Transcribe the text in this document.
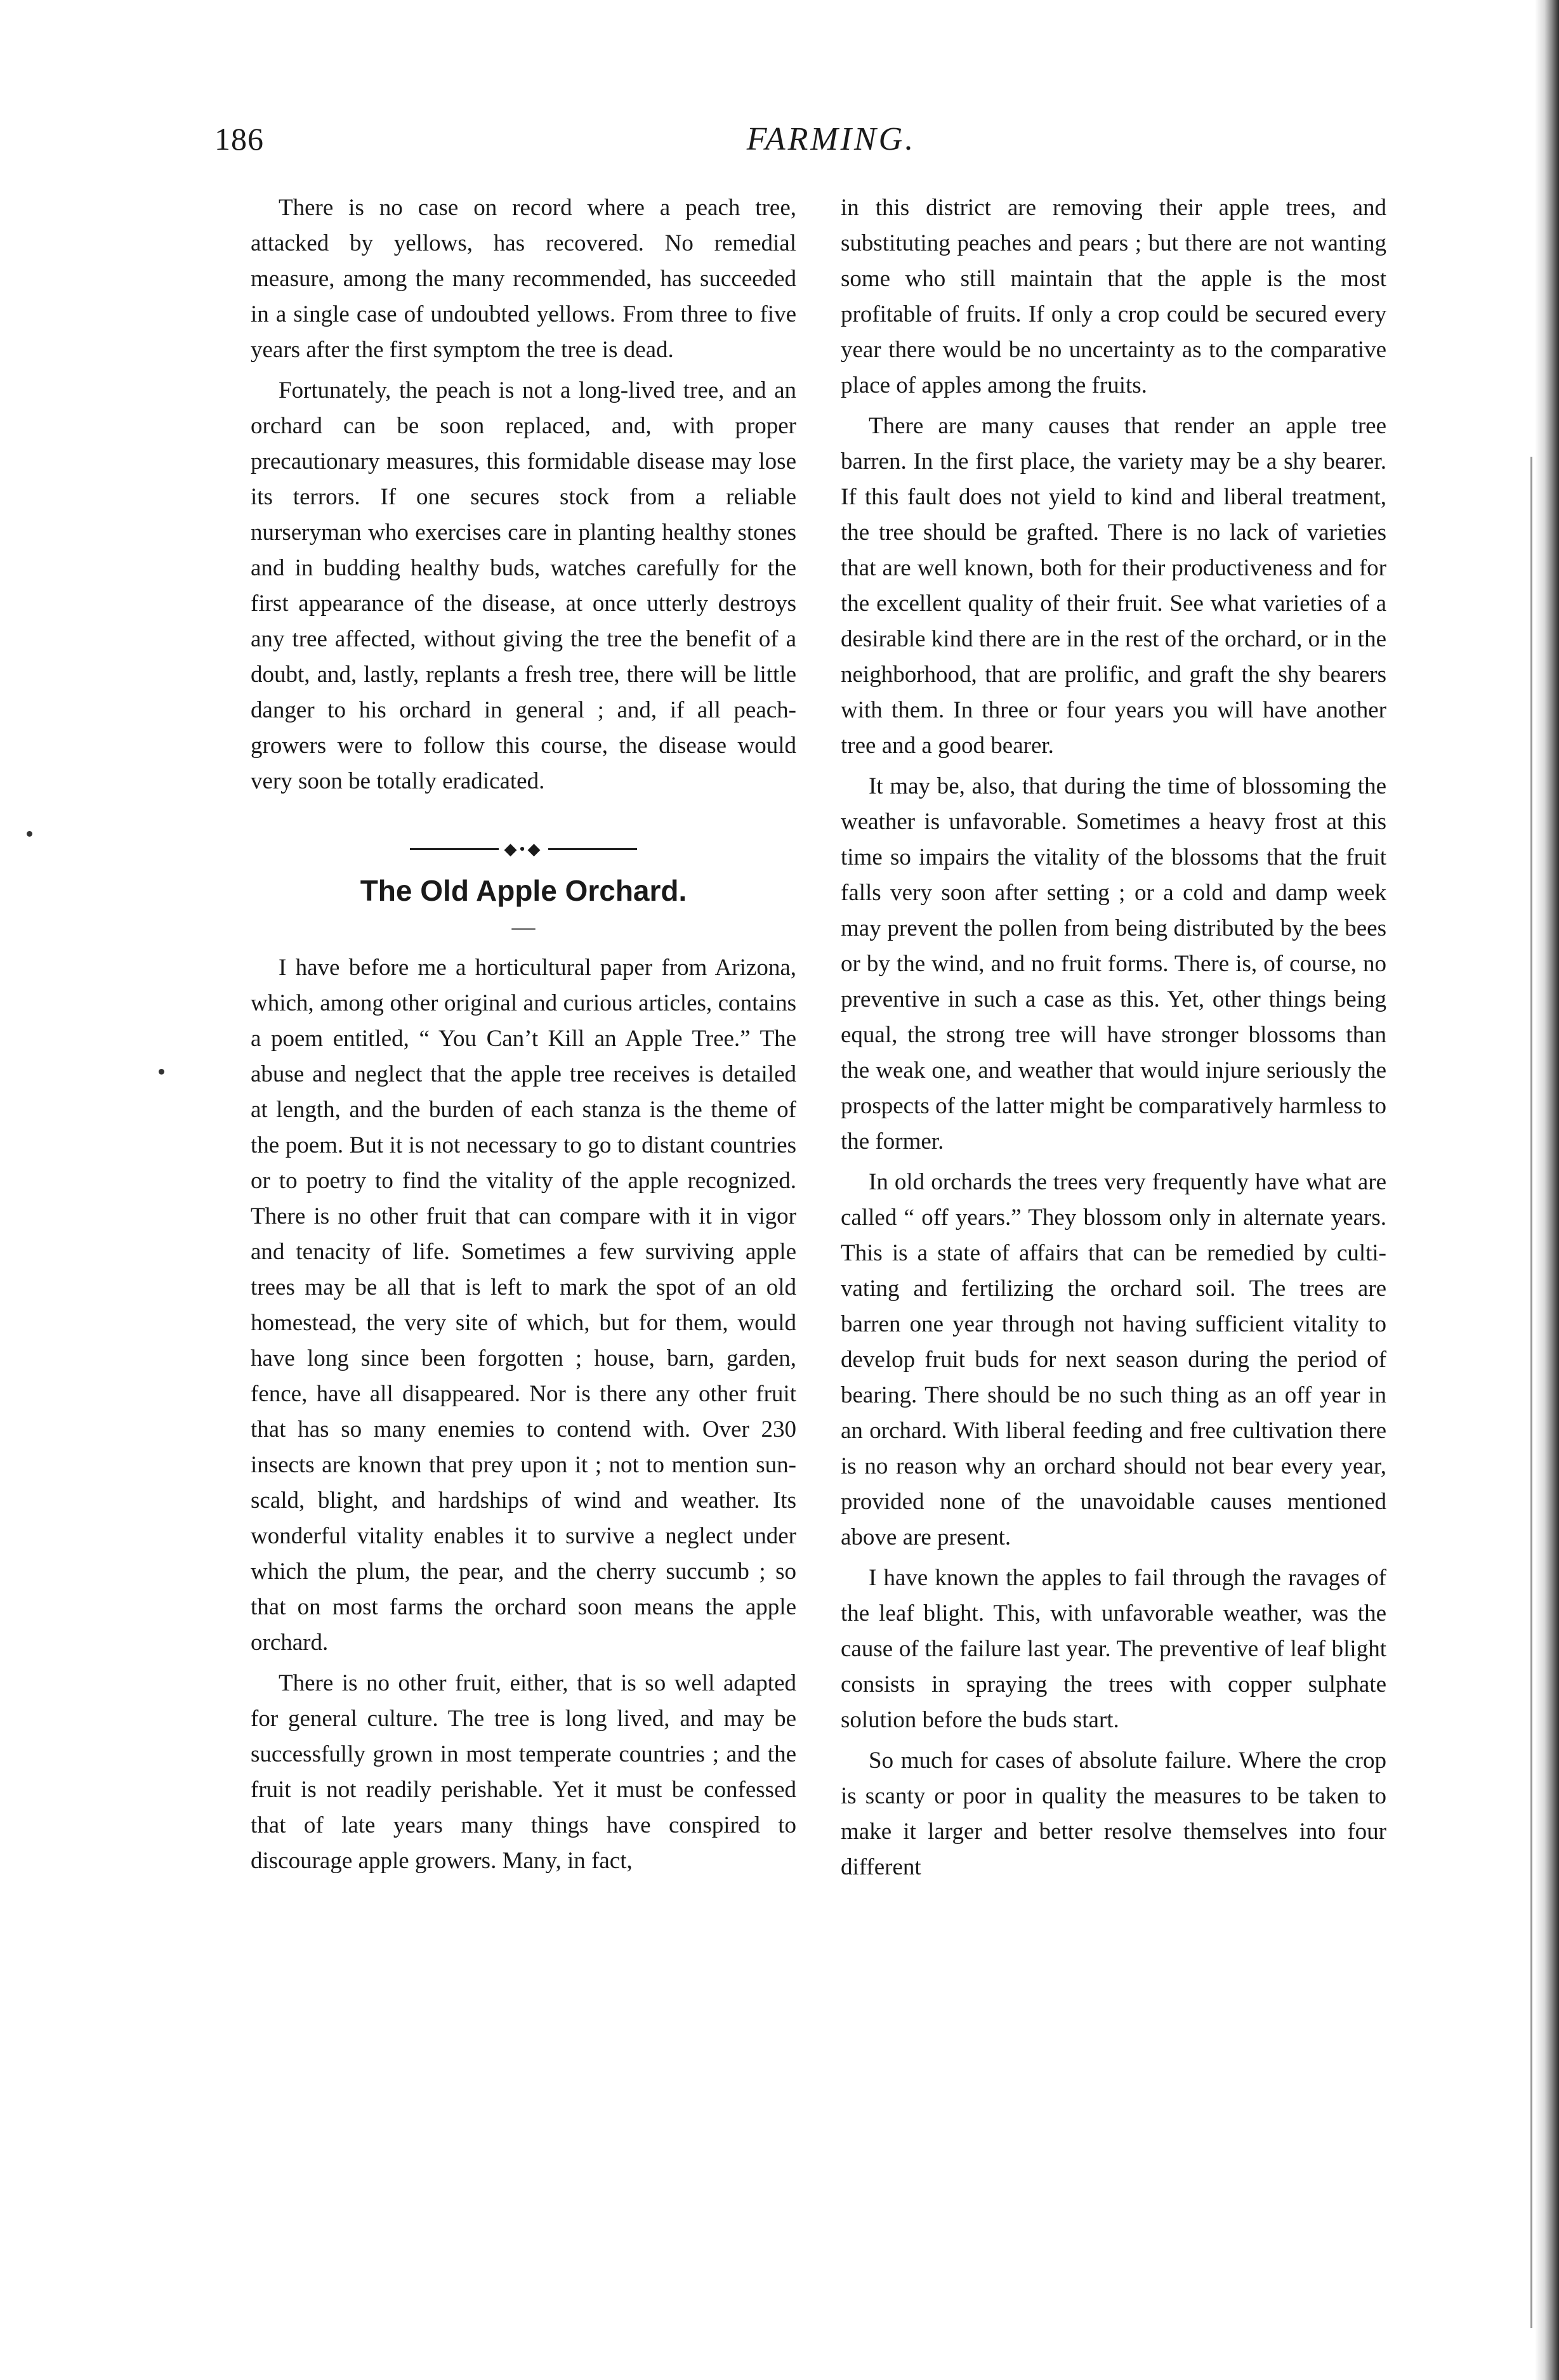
186	FARMING.

There is no case on record where a peach tree, attacked by yellows, has recovered. No remedial measure, among the many recommended, has succeeded in a single case of undoubted yellows. From three to five years after the first symptom the tree is dead.

Fortunately, the peach is not a long-lived tree, and an orchard can be soon replaced, and, with proper precautionary measures, this formidable disease may lose its terrors. If one secures stock from a reliable nurseryman who exercises care in planting healthy stones and in budding healthy buds, watches carefully for the first appearance of the disease, at once utterly destroys any tree affected, without giving the tree the benefit of a doubt, and, lastly, replants a fresh tree, there will be little danger to his orchard in general ; and, if all peach-growers were to follow this course, the disease would very soon be totally eradicated.

◆•◆
The Old Apple Orchard.
—

I have before me a horticultural paper from Arizona, which, among other original and curious articles, contains a poem entitled, “ You Can’t Kill an Apple Tree.” The abuse and neglect that the apple tree receives is detailed at length, and the burden of each stanza is the theme of the poem. But it is not necessary to go to distant countries or to poetry to find the vitality of the apple recognized. There is no other fruit that can compare with it in vigor and tenacity of life. Sometimes a few surviving apple trees may be all that is left to mark the spot of an old homestead, the very site of which, but for them, would have long since been forgotten ; house, barn, garden, fence, have all disappeared. Nor is there any other fruit that has so many enemies to contend with. Over 230 insects are known that prey upon it ; not to mention sun-scald, blight, and hardships of wind and weather. Its wonderful vitality enables it to survive a neglect under which the plum, the pear, and the cherry succumb ; so that on most farms the orchard soon means the apple orchard.

There is no other fruit, either, that is so well adapted for general culture. The tree is long lived, and may be successfully grown in most temperate countries ; and the fruit is not readily perishable. Yet it must be confessed that of late years many things have conspired to discourage apple growers. Many, in fact,

in this district are removing their apple trees, and substituting peaches and pears ; but there are not wanting some who still maintain that the apple is the most profitable of fruits. If only a crop could be secured every year there would be no uncertainty as to the comparative place of apples among the fruits.

There are many causes that render an apple tree barren. In the first place, the variety may be a shy bearer. If this fault does not yield to kind and liberal treatment, the tree should be grafted. There is no lack of varieties that are well known, both for their productiveness and for the excellent quality of their fruit. See what varieties of a desirable kind there are in the rest of the orchard, or in the neighborhood, that are prolific, and graft the shy bearers with them. In three or four years you will have another tree and a good bearer.

It may be, also, that during the time of blossoming the weather is unfavorable. Sometimes a heavy frost at this time so impairs the vitality of the blossoms that the fruit falls very soon after setting ; or a cold and damp week may prevent the pollen from being distributed by the bees or by the wind, and no fruit forms. There is, of course, no preventive in such a case as this. Yet, other things being equal, the strong tree will have stronger blossoms than the weak one, and weather that would injure seriously the prospects of the latter might be comparatively harmless to the former.

In old orchards the trees very frequently have what are called “ off years.” They blossom only in alternate years. This is a state of affairs that can be remedied by cultivating and fertilizing the orchard soil. The trees are barren one year through not having sufficient vitality to develop fruit buds for next season during the period of bearing. There should be no such thing as an off year in an orchard. With liberal feeding and free cultivation there is no reason why an orchard should not bear every year, provided none of the unavoidable causes mentioned above are present.

I have known the apples to fail through the ravages of the leaf blight. This, with unfavorable weather, was the cause of the failure last year. The preventive of leaf blight consists in spraying the trees with copper sulphate solution before the buds start.

So much for cases of absolute failure. Where the crop is scanty or poor in quality the measures to be taken to make it larger and better resolve themselves into four different
